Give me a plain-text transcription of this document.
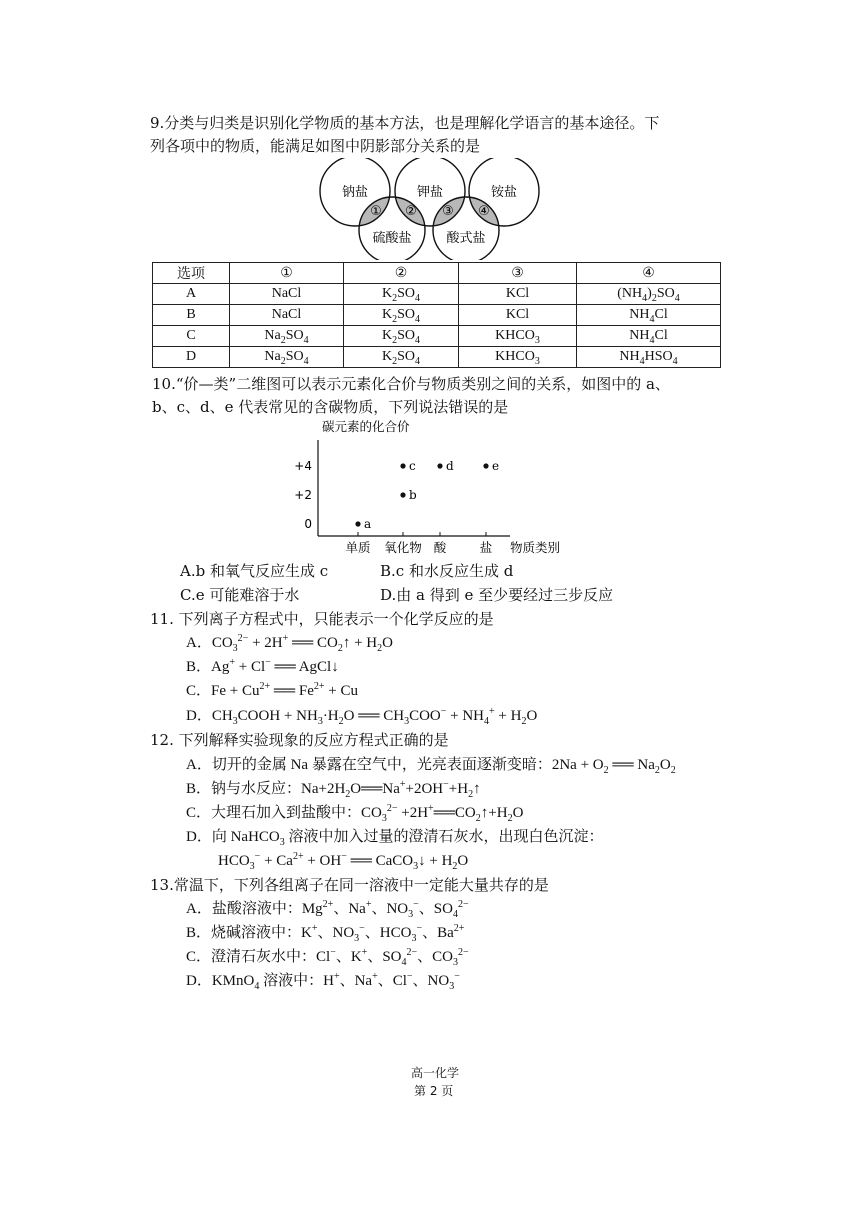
9.分类与归类是识别化学物质的基本方法，也是理解化学语言的基本途径。下
列各项中的物质，能满足如图中阴影部分关系的是
钠盐	钾盐	铵盐
硫酸盐	酸式盐
① ② ③ ④
选项	①	②	③	④
A	NaCl	$K_2SO_4$	KCl	$(NH_4)_2SO_4$
B	NaCl	$K_2SO_4$	KCl	$NH_4Cl$
C	$Na_2SO_4$	$K_2SO_4$	$KHCO_3$	$NH_4Cl$
D	$Na_2SO_4$	$K_2SO_4$	$KHCO_3$	$NH_4HSO_4$
10.“价—类”二维图可以表示元素化合价与物质类别之间的关系，如图中的 a、
b、c、d、e 代表常见的含碳物质，下列说法错误的是
碳元素的化合价
+4
+2
0
单质 氧化物 酸	盐
a
b
c	d	e
物质类别
A.b 和氧气反应生成 c	B.c 和水反应生成 d
C.e 可能难溶于水	D.由 a 得到 e 至少要经过三步反应
11. 下列离子方程式中，只能表示一个化学反应的是
A．$CO_3^{2-} + 2H^+$ ══ $CO_2↑ + H_2O$
B．Ag+ + Cl− ══ AgCl↓
C．$Fe + Cu^{2+}$ ══ $Fe^{2+} + Cu$
D．$CH_3COOH + NH_3\cdot H_2O$ ══ $CH_3COO^- + NH_4^+ + H_2O$
12. 下列解释实验现象的反应方程式正确的是
A．切开的金属 Na 暴露在空气中，光亮表面逐渐变暗：$2Na + O_2$ ══ $Na_2O_2$
B．钠与水反应：$Na+2H_2O══Na^++2OH^-+H_2↑$
C．大理石加入到盐酸中：$CO_3^{2-}$ $+2H^+══CO_2↑+H_2O$
D．向 NaHCO$_3$ 溶液中加入过量的澄清石灰水，出现白色沉淀：
$HCO_3^- + Ca^{2+} + OH^-$ ══ CaCO$_3$↓ + $H_2O$
13.常温下，下列各组离子在同一溶液中一定能大量共存的是
A．盐酸溶液中：$Mg^{2+}$、Na+、$NO_3^-$、$SO_4^{2-}$
B．烧碱溶液中：K+、$NO_3^-$、$HCO_3^-$、$Ba^{2+}$
C．澄清石灰水中：Cl−、K+、$SO_4^{2-}$、$CO_3^{2-}$
D．KMnO$_4$ 溶液中：H+、Na+、Cl−、$NO_3^-$
高一化学
第 2 页
